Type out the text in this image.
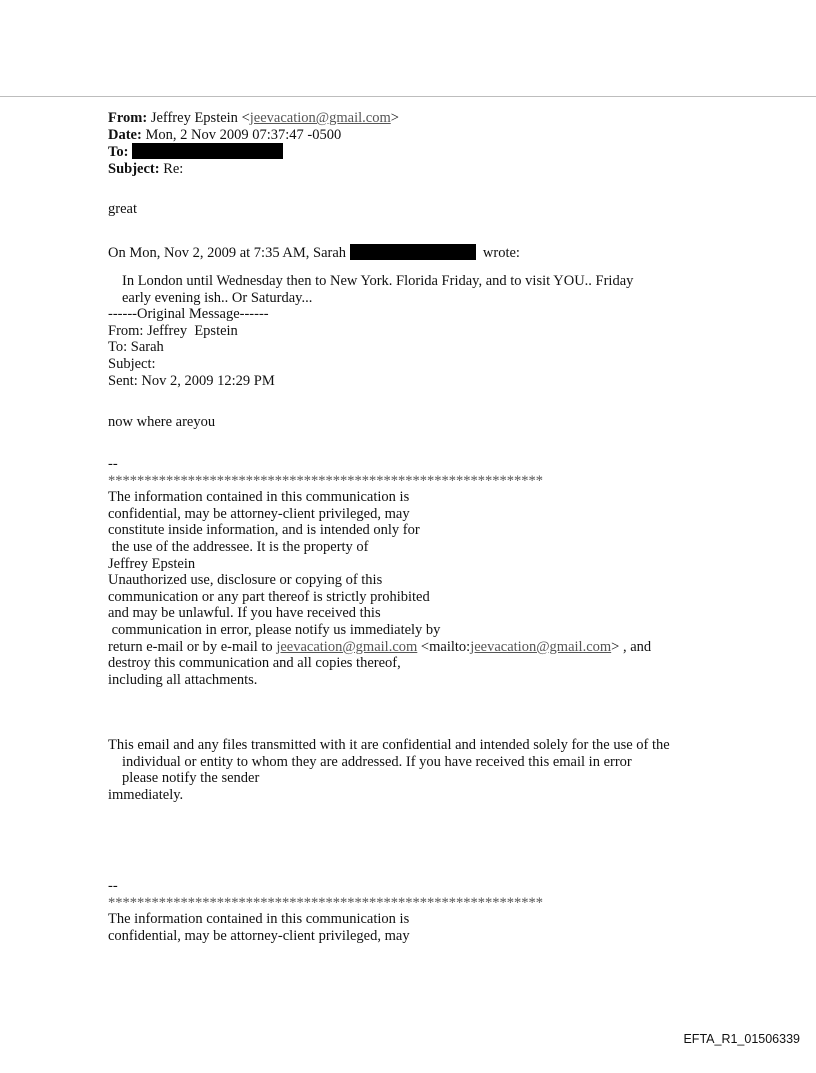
From: Jeffrey Epstein <jeevacation@gmail.com>
Date: Mon, 2 Nov 2009 07:37:47 -0500
To:
Subject: Re:
great
On Mon, Nov 2, 2009 at 7:35 AM, Sarah	wrote:
In London until Wednesday then to New York. Florida Friday, and to visit YOU.. Friday
early evening ish.. Or Saturday...
------Original Message------
From: Jeffrey  Epstein
To: Sarah
Subject:
Sent: Nov 2, 2009 12:29 PM
now where areyou
--
************************************************************
The information contained in this communication is
confidential, may be attorney-client privileged, may
constitute inside information, and is intended only for
the use of the addressee. It is the property of
Jeffrey Epstein
Unauthorized use, disclosure or copying of this
communication or any part thereof is strictly prohibited
and may be unlawful. If you have received this
communication in error, please notify us immediately by
return e-mail or by e-mail to jeevacation@gmail.com <mailto:jeevacation@gmail.com> , and
destroy this communication and all copies thereof,
including all attachments.
This email and any files transmitted with it are confidential and intended solely for the use of the
individual or entity to whom they are addressed. If you have received this email in error
please notify the sender
immediately.
--
************************************************************
The information contained in this communication is
confidential, may be attorney-client privileged, may
EFTA_R1_01506339
